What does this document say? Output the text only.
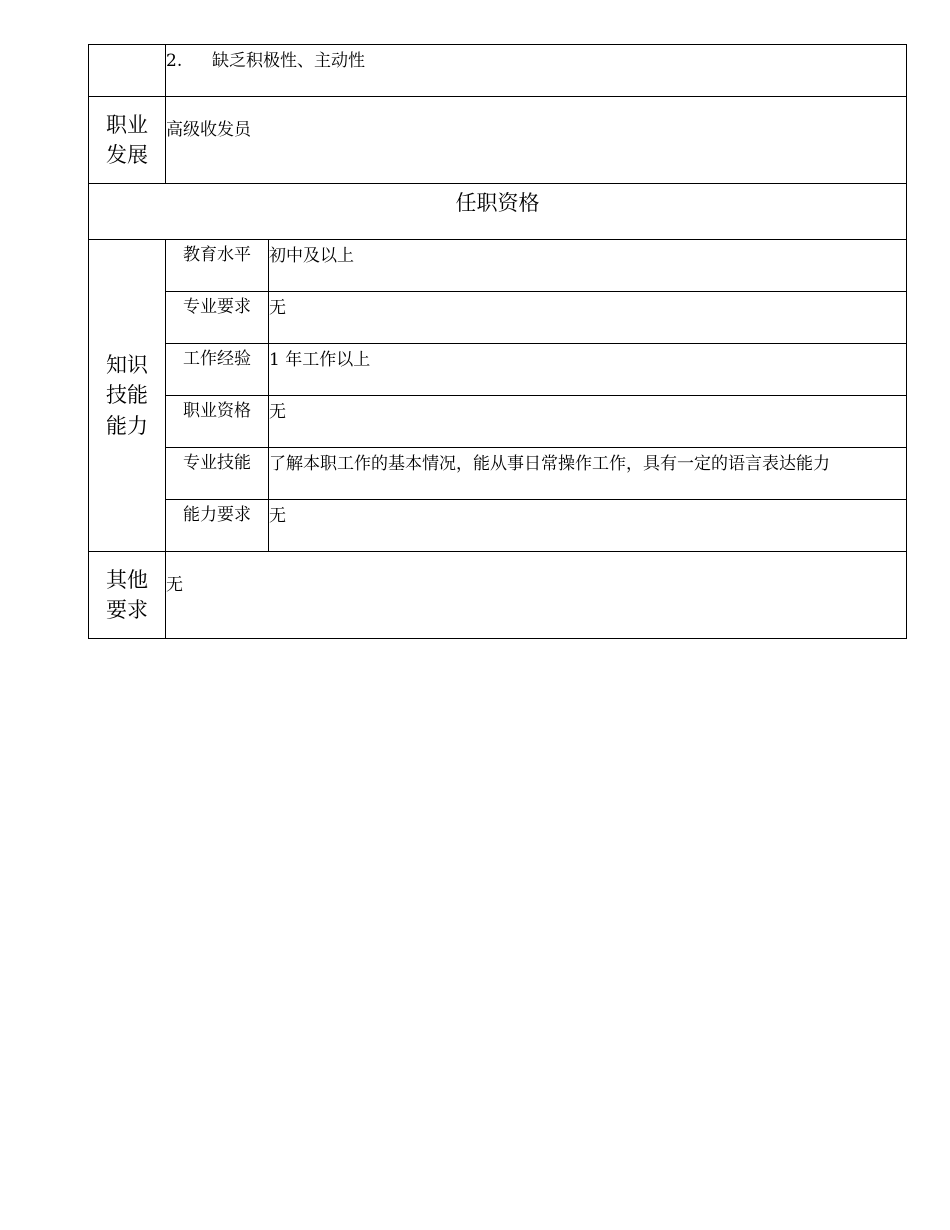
	2. 缺乏积极性、主动性	

职业
发展	高级收发员	
任职资格		

知识
技能
能力	教育水平	初中及以上
	专业要求	无
	工作经验	1 年工作以上
	职业资格	无
	专业技能	了解本职工作的基本情况，能从事日常操作工作，具有一定的语言表达能力
	能力要求	无

其他
要求	无	
